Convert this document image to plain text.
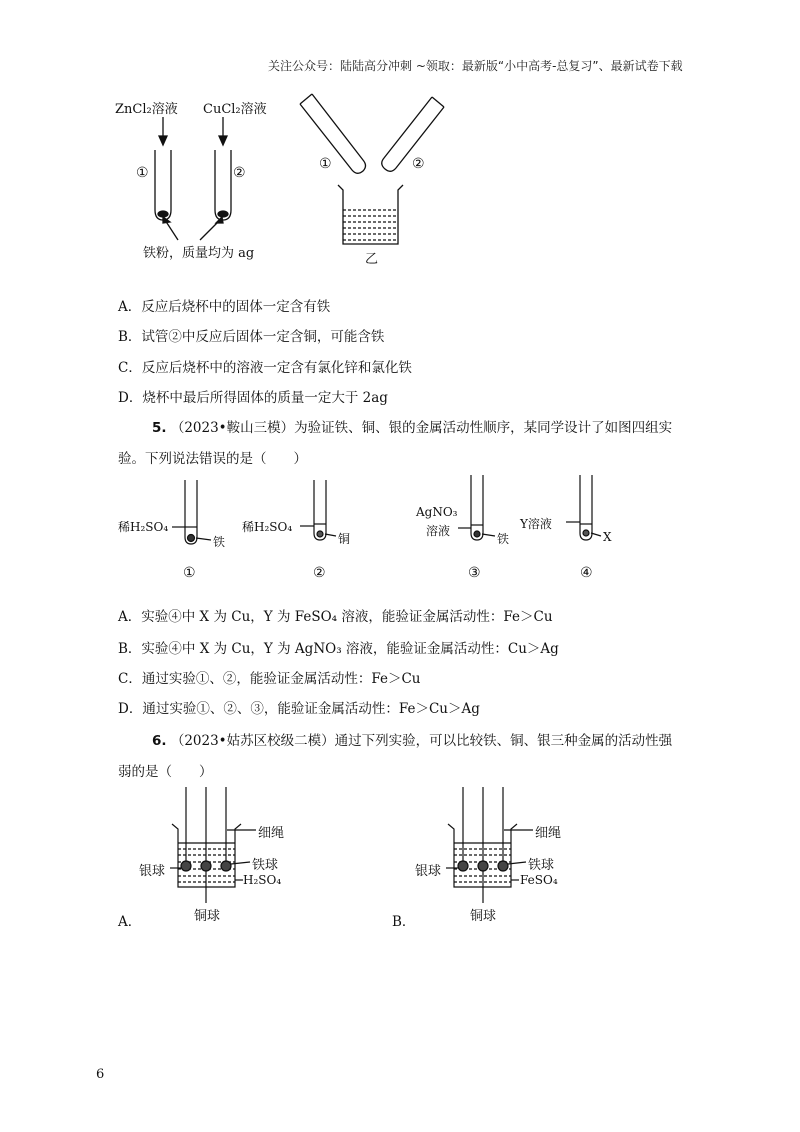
关注公众号：陆陆高分冲刺 ~领取：最新版“小中高考-总复习”、最新试卷下载
ZnCl₂溶液 CuCl₂溶液
①	②
铁粉，质量均为 ag
①	②
乙
A．反应后烧杯中的固体一定含有铁
B．试管②中反应后固体一定含铜，可能含铁
C．反应后烧杯中的溶液一定含有氯化锌和氯化铁
D．烧杯中最后所得固体的质量一定大于 2ag
5. （2023•鞍山三模）为验证铁、铜、银的金属活动性顺序，某同学设计了如图四组实
验。下列说法错误的是（　　）
稀H₂SO₄
铁
①
稀H₂SO₄
铜
②
AgNO₃
溶液
铁
③
Y溶液
X
④
A．实验④中 X 为 Cu，Y 为 FeSO₄ 溶液，能验证金属活动性：Fe＞Cu
B．实验④中 X 为 Cu，Y 为 AgNO₃ 溶液，能验证金属活动性：Cu＞Ag
C．通过实验①、②，能验证金属活动性：Fe＞Cu
D．通过实验①、②、③，能验证金属活动性：Fe＞Cu＞Ag
6. （2023•姑苏区校级二模）通过下列实验，可以比较铁、铜、银三种金属的活动性强
弱的是（　　）
细绳
银球	铁球
H₂SO₄
铜球
A．
细绳
银球	铁球
FeSO₄
铜球
B．
6
